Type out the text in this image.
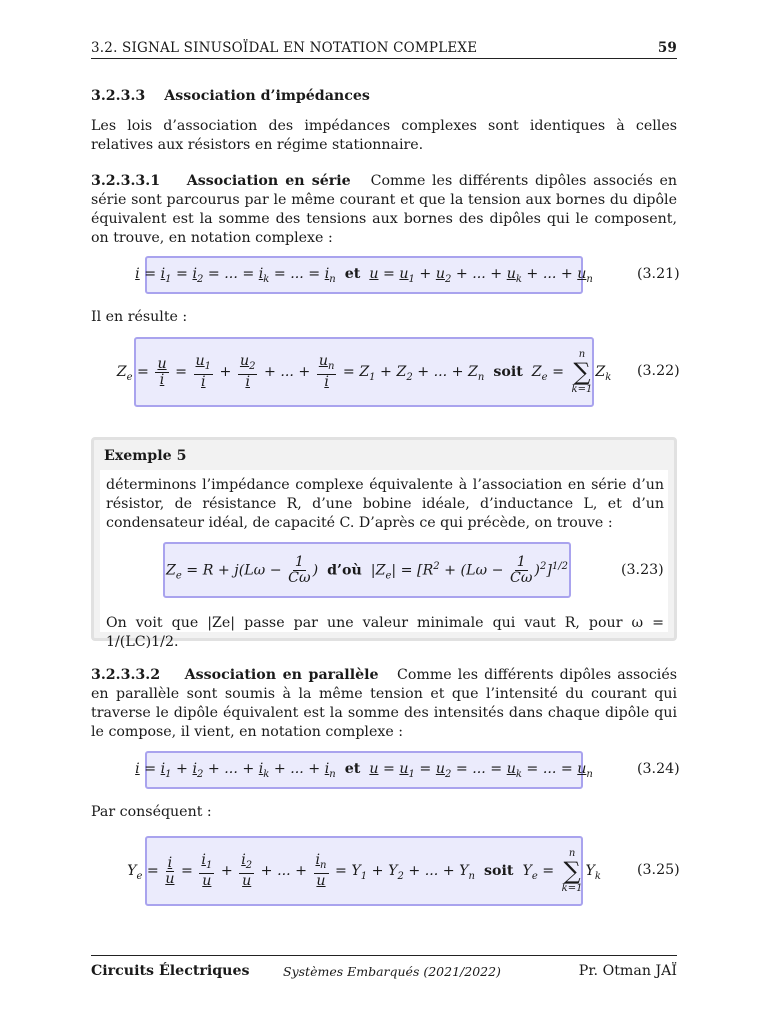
3.2. SIGNAL SINUSOÏDAL EN NOTATION COMPLEXE	59
3.2.3.3 Association d’impédances
Les lois d’association des impédances complexes sont identiques à celles relatives aux résistors en régime stationnaire.
3.2.3.3.1 Association en série Comme les différents dipôles associés en série sont parcourus par le même courant et que la tension aux bornes du dipôle équivalent est la somme des tensions aux bornes des dipôles qui le composent, on trouve, en notation complexe :
$i = i_1 = i_2$ = ... = $i_k$ = ... = $i_n$ et $u = u_1 + u_2$ + ... + $u_k$ + ... + $u_n$	(3.21)
Il en résulte :
$Z_e = \frac{u}{i} = \frac{u_1}{i} + \frac{u_2}{i}$ + ... + $\frac{u_n}{i} = Z_1 + Z_2$ + ... + $Z_n$ soit  $Z_e$ =
n
∑
k=1
$Z_k$ (3.22)
Exemple 5
déterminons l’impédance complexe équivalente à l’association en série d’un résistor, de résistance R, d’une bobine idéale, d’inductance L, et d’un condensateur idéal, de capacité C. D’après ce qui précède, on trouve :
$Z_e = R + j(L\omega - \frac{1}{C\omega}$ )  d’où  $|Z_e| = [R^2 + (L\omega - \frac{1}{C\omega} )^2]^{1/2}$	(3.23)
On voit que |Ze| passe par une valeur minimale qui vaut R, pour ω = 1/(LC)1/2.
3.2.3.3.2 Association en parallèle Comme les différents dipôles associés en parallèle sont soumis à la même tension et que l’intensité du courant qui traverse le dipôle équivalent est la somme des intensités dans chaque dipôle qui le compose, il vient, en notation complexe :
$i = i_1 + i_2$ + ... + $i_k$ + ... + $i_n$ et $u = u_1 = u_2$ = ... = $u_k$ = ... = $u_n$	(3.24)
Par conséquent :
$Y_e = \frac{i}{u} = \frac{i_1}{u} + \frac{i_2}{u}$ + ... + $\frac{i_n}{u} = Y_1 + Y_2$ + ... + $Y_n$ soit  $Y_e$ =
n
∑
k=1
$Y_k$	(3.25)
Circuits Électriques	Systèmes Embarqués (2021/2022)	Pr. Otman JAÏ
